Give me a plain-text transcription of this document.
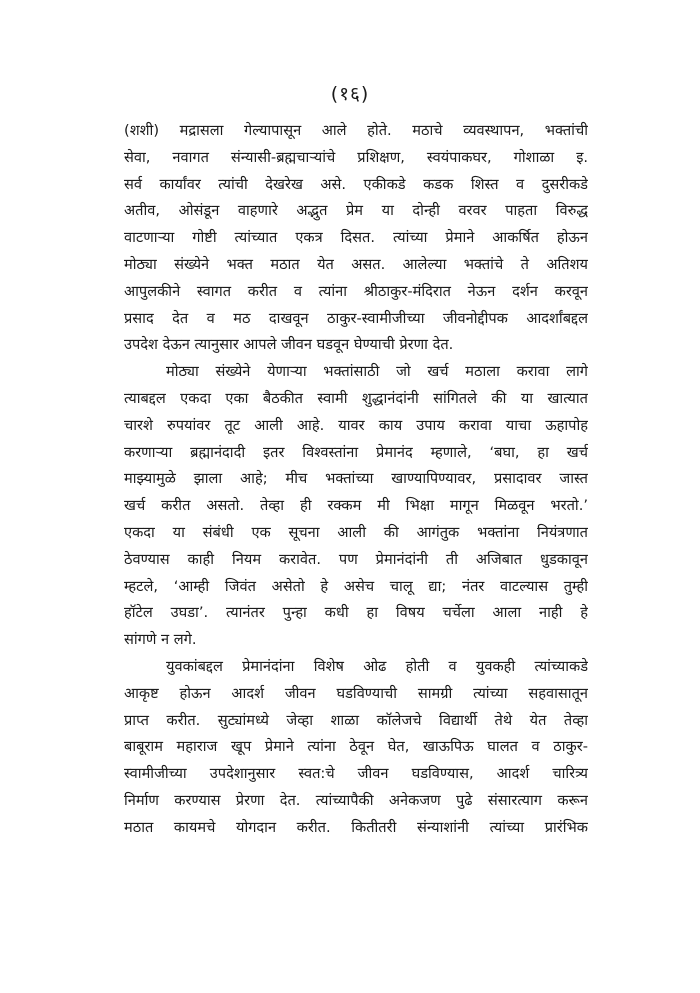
(१६)
(शशी) मद्रासला गेल्यापासून आले होते. मठाचे व्यवस्थापन, भक्तांची
सेवा, नवागत संन्यासी-ब्रह्मचाऱ्यांचे प्रशिक्षण, स्वयंपाकघर, गोशाळा इ.
सर्व कार्यांवर त्यांची देखरेख असे. एकीकडे कडक शिस्त व दुसरीकडे
अतीव, ओसंडून वाहणारे अद्भुत प्रेम या दोन्ही वरवर पाहता विरुद्ध
वाटणाऱ्या गोष्टी त्यांच्यात एकत्र दिसत. त्यांच्या प्रेमाने आकर्षित होऊन
मोठ्या संख्येने भक्त मठात येत असत. आलेल्या भक्तांचे ते अतिशय
आपुलकीने स्वागत करीत व त्यांना श्रीठाकुर-मंदिरात नेऊन दर्शन करवून
प्रसाद देत व मठ दाखवून ठाकुर-स्वामीजीच्या जीवनोद्दीपक आदर्शांबद्दल
उपदेश देऊन त्यानुसार आपले जीवन घडवून घेण्याची प्रेरणा देत.
मोठ्या संख्येने येणाऱ्या भक्तांसाठी जो खर्च मठाला करावा लागे
त्याबद्दल एकदा एका बैठकीत स्वामी शुद्धानंदांनी सांगितले की या खात्यात
चारशे रुपयांवर तूट आली आहे. यावर काय उपाय करावा याचा ऊहापोह
करणाऱ्या ब्रह्मानंदादी इतर विश्वस्तांना प्रेमानंद म्हणाले, ‘बघा, हा खर्च
माझ्यामुळे झाला आहे; मीच भक्तांच्या खाण्यापिण्यावर, प्रसादावर जास्त
खर्च करीत असतो. तेव्हा ही रक्कम मी भिक्षा मागून मिळवून भरतो.’
एकदा या संबंधी एक सूचना आली की आगंतुक भक्तांना नियंत्रणात
ठेवण्यास काही नियम करावेत. पण प्रेमानंदांनी ती अजिबात धुडकावून
म्हटले, ‘आम्ही जिवंत असेतो हे असेच चालू द्या; नंतर वाटल्यास तुम्ही
हॉटेल उघडा’. त्यानंतर पुन्हा कधी हा विषय चर्चेला आला नाही हे
सांगणे न लगे.
युवकांबद्दल प्रेमानंदांना विशेष ओढ होती व युवकही त्यांच्याकडे
आकृष्ट होऊन आदर्श जीवन घडविण्याची सामग्री त्यांच्या सहवासातून
प्राप्त करीत. सुट्यांमध्ये जेव्हा शाळा कॉलेजचे विद्यार्थी तेथे येत तेव्हा
बाबूराम महाराज खूप प्रेमाने त्यांना ठेवून घेत, खाऊपिऊ घालत व ठाकुर-
स्वामीजीच्या उपदेशानुसार स्वत:चे जीवन घडविण्यास, आदर्श चारित्र्य
निर्माण करण्यास प्रेरणा देत. त्यांच्यापैकी अनेकजण पुढे संसारत्याग करून
मठात कायमचे योगदान करीत. कितीतरी संन्याशांनी त्यांच्या प्रारंभिक
